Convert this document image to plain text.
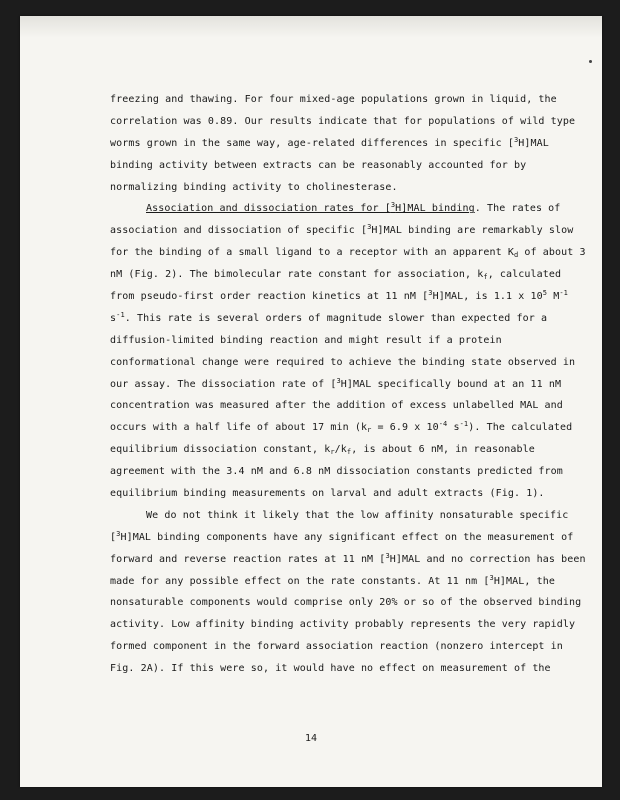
freezing and thawing. For four mixed-age populations grown in liquid, the
correlation was 0.89. Our results indicate that for populations of wild type
worms grown in the same way, age-related differences in specific [$^3$H]MAL
binding activity between extracts can be reasonably accounted for by
normalizing binding activity to cholinesterase.
Association and dissociation rates for [$^3$H]MAL binding. The rates of
association and dissociation of specific [$^3$H]MAL binding are remarkably slow
for the binding of a small ligand to a receptor with an apparent $K_d$ of about 3
nM (Fig. 2). The bimolecular rate constant for association, $k_f$, calculated
from pseudo-first order reaction kinetics at 11 nM [$^3$H]MAL, is 1.1 x $10^5$ $M^{-1}$
$s^{-1}$. This rate is several orders of magnitude slower than expected for a
diffusion-limited binding reaction and might result if a protein
conformational change were required to achieve the binding state observed in
our assay. The dissociation rate of [$^3$H]MAL specifically bound at an 11 nM
concentration was measured after the addition of excess unlabelled MAL and
occurs with a half life of about 17 $\min (k_r = 6.9$ x $10^{-4}$ $s^{-1}$). The calculated
equilibrium dissociation constant, $k_r/k_f$, is about 6 nM, in reasonable
agreement with the 3.4 nM and 6.8 nM dissociation constants predicted from
equilibrium binding measurements on larval and adult extracts (Fig. 1).
We do not think it likely that the low affinity nonsaturable specific
[$^3$H]MAL binding components have any significant effect on the measurement of
forward and reverse reaction rates at 11 nM [$^3$H]MAL and no correction has been
made for any possible effect on the rate constants. At 11 nm [$^3$H]MAL, the
nonsaturable components would comprise only 20% or so of the observed binding
activity. Low affinity binding activity probably represents the very rapidly
formed component in the forward association reaction (nonzero intercept in
Fig. 2A). If this were so, it would have no effect on measurement of the
14
